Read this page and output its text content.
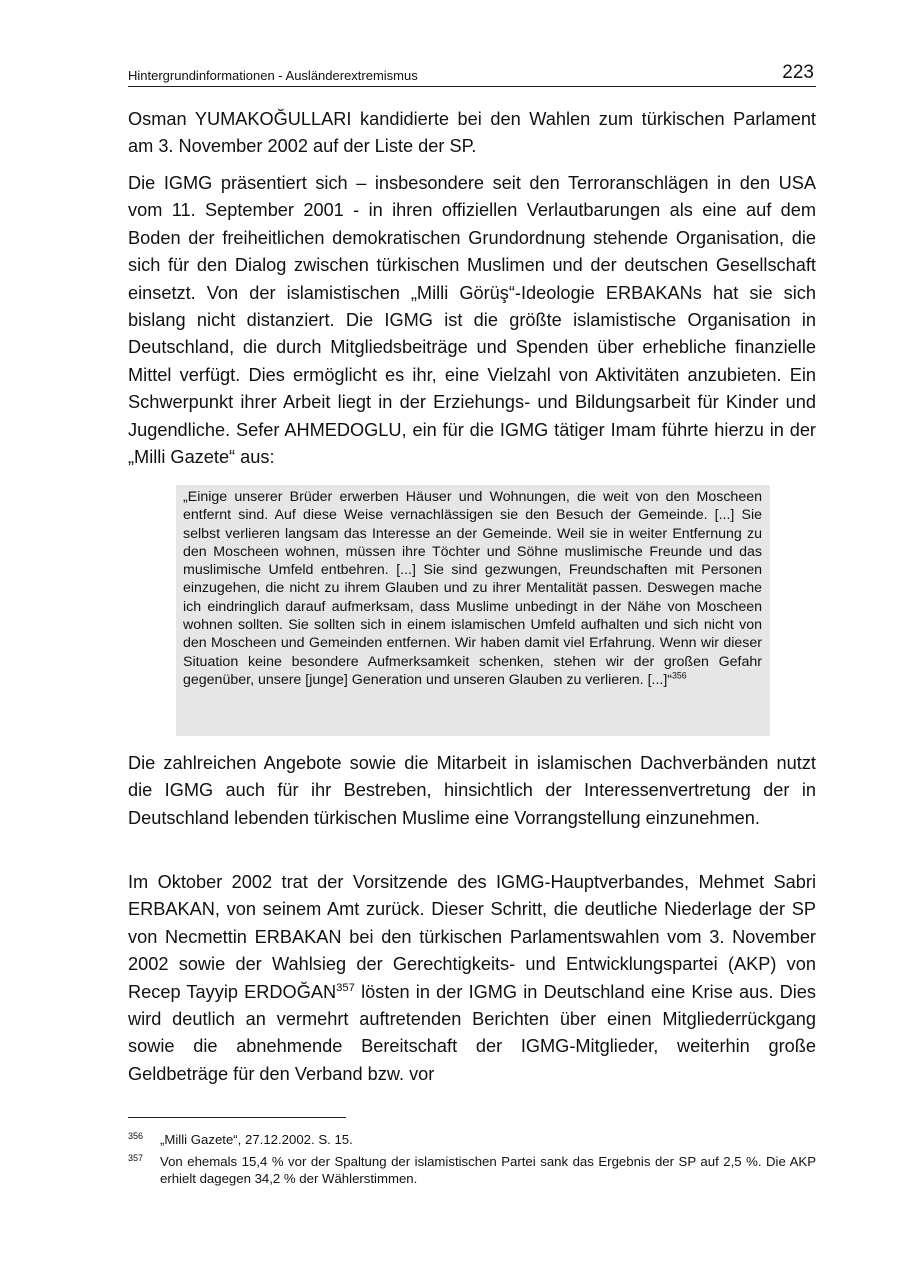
Hintergrundinformationen - Ausländerextremismus	223

Osman YUMAKOĞULLARI kandidierte bei den Wahlen zum türkischen Parlament am 3. November 2002 auf der Liste der SP.

Die IGMG präsentiert sich – insbesondere seit den Terroranschlägen in den USA vom 11. September 2001 - in ihren offiziellen Verlautbarungen als eine auf dem Boden der freiheitlichen demokratischen Grundordnung stehende Organisation, die sich für den Dialog zwischen türkischen Muslimen und der deutschen Gesellschaft einsetzt. Von der islamistischen „Milli Görüş“-Ideologie ERBAKANs hat sie sich bislang nicht distanziert. Die IGMG ist die größte islamistische Organisation in Deutschland, die durch Mitgliedsbeiträge und Spenden über erhebliche finanzielle Mittel verfügt. Dies ermöglicht es ihr, eine Vielzahl von Aktivitäten anzubieten. Ein Schwerpunkt ihrer Arbeit liegt in der Erziehungs- und Bildungsarbeit für Kinder und Jugendliche. Sefer AHMEDOGLU, ein für die IGMG tätiger Imam führte hierzu in der „Milli Gazete“ aus:

„Einige unserer Brüder erwerben Häuser und Wohnungen, die weit von den Moscheen entfernt sind. Auf diese Weise vernachlässigen sie den Besuch der Gemeinde. [...] Sie selbst verlieren langsam das Interesse an der Gemeinde. Weil sie in weiter Entfernung zu den Moscheen wohnen, müssen ihre Töchter und Söhne muslimische Freunde und das muslimische Umfeld entbehren. [...] Sie sind gezwungen, Freundschaften mit Personen einzugehen, die nicht zu ihrem Glauben und zu ihrer Mentalität passen. Deswegen mache ich eindringlich darauf aufmerksam, dass Muslime unbedingt in der Nähe von Moscheen wohnen sollten. Sie sollten sich in einem islamischen Umfeld aufhalten und sich nicht von den Moscheen und Gemeinden entfernen. Wir haben damit viel Erfahrung. Wenn wir dieser Situation keine besondere Aufmerksamkeit schenken, stehen wir der großen Gefahr gegenüber, unsere [junge] Generation und unseren Glauben zu verlieren. [...]“$^{356}$

Die zahlreichen Angebote sowie die Mitarbeit in islamischen Dachverbänden nutzt die IGMG auch für ihr Bestreben, hinsichtlich der Interessenvertretung der in Deutschland lebenden türkischen Muslime eine Vorrangstellung einzunehmen.

Im Oktober 2002 trat der Vorsitzende des IGMG-Hauptverbandes, Mehmet Sabri ERBAKAN, von seinem Amt zurück. Dieser Schritt, die deutliche Niederlage der SP von Necmettin ERBAKAN bei den türkischen Parlamentswahlen vom 3. November 2002 sowie der Wahlsieg der Gerechtigkeits- und Entwicklungspartei (AKP) von Recep Tayyip ERDOĞAN$^{357}$ lösten in der IGMG in Deutschland eine Krise aus. Dies wird deutlich an vermehrt auftretenden Berichten über einen Mitgliederrückgang sowie die abnehmende Bereitschaft der IGMG-Mitglieder, weiterhin große Geldbeträge für den Verband bzw. vor

356 „Milli Gazete“, 27.12.2002. S. 15.
357 Von ehemals 15,4 % vor der Spaltung der islamistischen Partei sank das Ergebnis der SP auf 2,5 %. Die AKP erhielt dagegen 34,2 % der Wählerstimmen.
